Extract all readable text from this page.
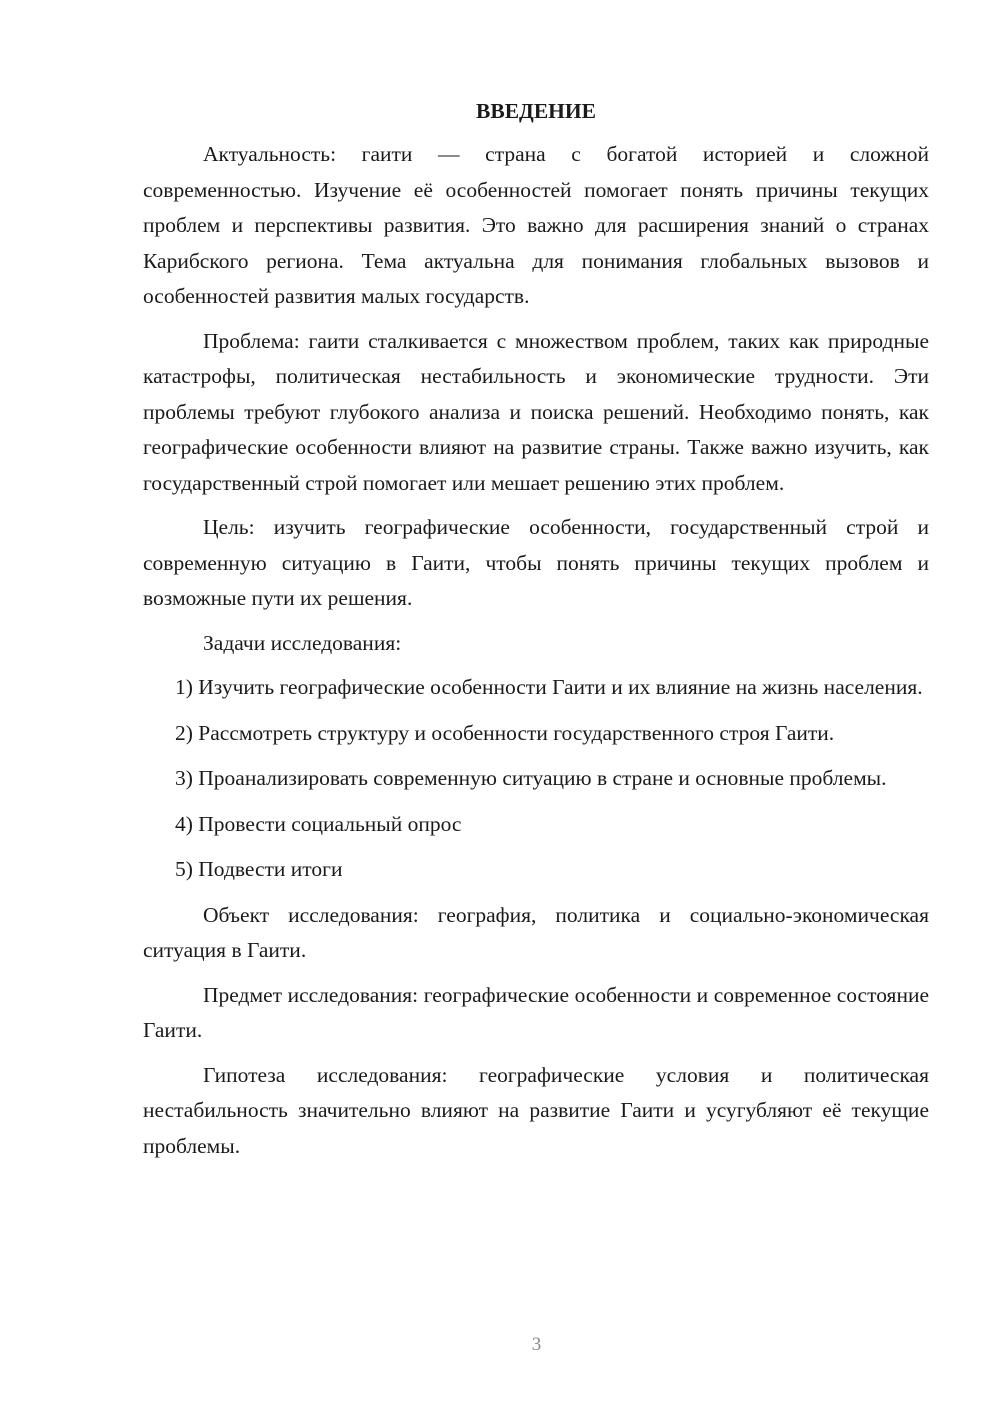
ВВЕДЕНИЕ

Актуальность: гаити — страна с богатой историей и сложной современностью. Изучение её особенностей помогает понять причины текущих проблем и перспективы развития. Это важно для расширения знаний о странах Карибского региона. Тема актуальна для понимания глобальных вызовов и особенностей развития малых государств.

Проблема: гаити сталкивается с множеством проблем, таких как природные катастрофы, политическая нестабильность и экономические трудности. Эти проблемы требуют глубокого анализа и поиска решений. Необходимо понять, как географические особенности влияют на развитие страны. Также важно изучить, как государственный строй помогает или мешает решению этих проблем.

Цель: изучить географические особенности, государственный строй и современную ситуацию в Гаити, чтобы понять причины текущих проблем и возможные пути их решения.

Задачи исследования:

1) Изучить географические особенности Гаити и их влияние на жизнь населения.

2) Рассмотреть структуру и особенности государственного строя Гаити.

3) Проанализировать современную ситуацию в стране и основные проблемы.

4) Провести социальный опрос

5) Подвести итоги

Объект исследования: география, политика и социально-экономическая ситуация в Гаити.

Предмет исследования: географические особенности и современное состояние Гаити.

Гипотеза исследования: географические условия и политическая нестабильность значительно влияют на развитие Гаити и усугубляют её текущие проблемы.

3
